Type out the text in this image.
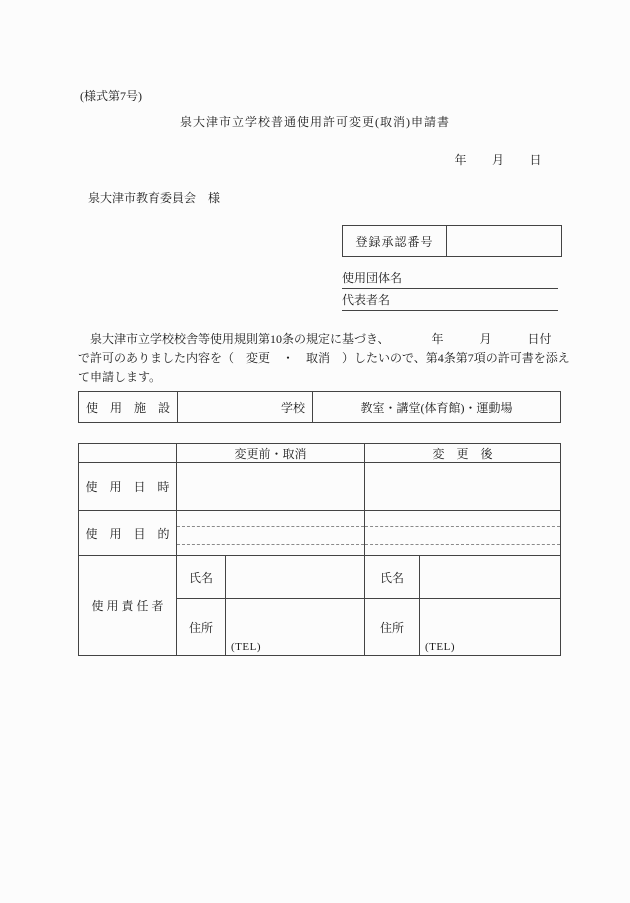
(様式第7号)
泉大津市立学校普通使用許可変更(取消)申請書
年　　月　　日
泉大津市教育委員会　様
登録承認番号	
使用団体名
代表者名
泉大津市立学校校舎等使用規則第10条の規定に基づき、　　　　年　　　月　　　日付
で許可のありました内容を（　変更　・　取消　）したいので、第4条第7項の許可書を添え
て申請します。
使　用　施　設	学校	教室・講堂(体育館)・運動場
	変更前・取消		変　更　後	
使　用　日　時				
使　用　目　的			

使 用 責 任 者	氏名		氏名	
	住所	(TEL)	住所	(TEL)
